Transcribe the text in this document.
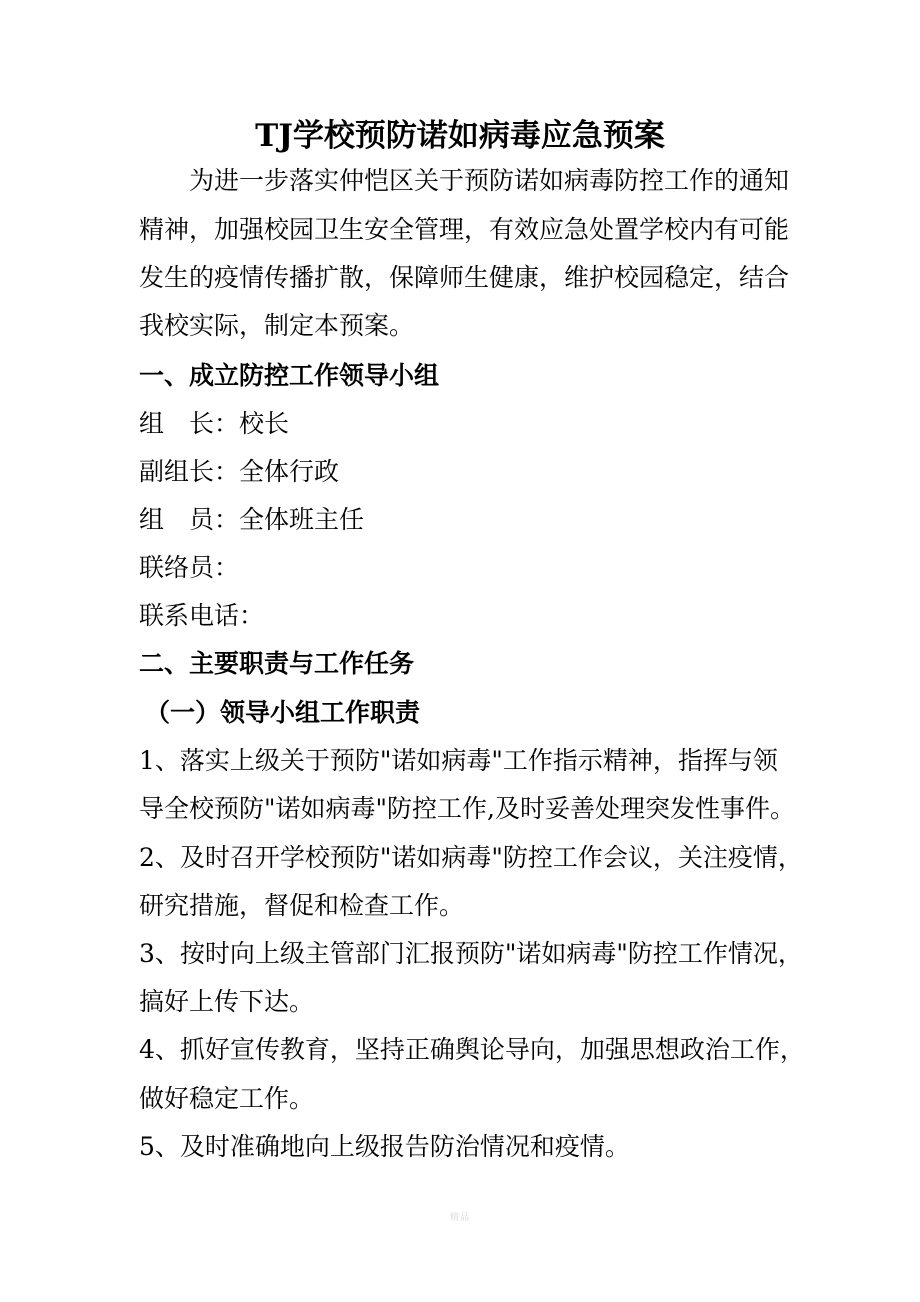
TJ学校预防诺如病毒应急预案
为进一步落实仲恺区关于预防诺如病毒防控工作的通知
精神，加强校园卫生安全管理，有效应急处置学校内有可能
发生的疫情传播扩散，保障师生健康，维护校园稳定，结合
我校实际，制定本预案。
一、成立防控工作领导小组
组　长：校长
副组长：全体行政
组　员：全体班主任
联络员：
联系电话：
二、主要职责与工作任务
（一）领导小组工作职责
1、落实上级关于预防"诺如病毒"工作指示精神，指挥与领
导全校预防"诺如病毒"防控工作,及时妥善处理突发性事件。
2、及时召开学校预防"诺如病毒"防控工作会议，关注疫情，
研究措施，督促和检查工作。
3、按时向上级主管部门汇报预防"诺如病毒"防控工作情况，
搞好上传下达。
4、抓好宣传教育，坚持正确舆论导向，加强思想政治工作，
做好稳定工作。
5、及时准确地向上级报告防治情况和疫情。
精品
